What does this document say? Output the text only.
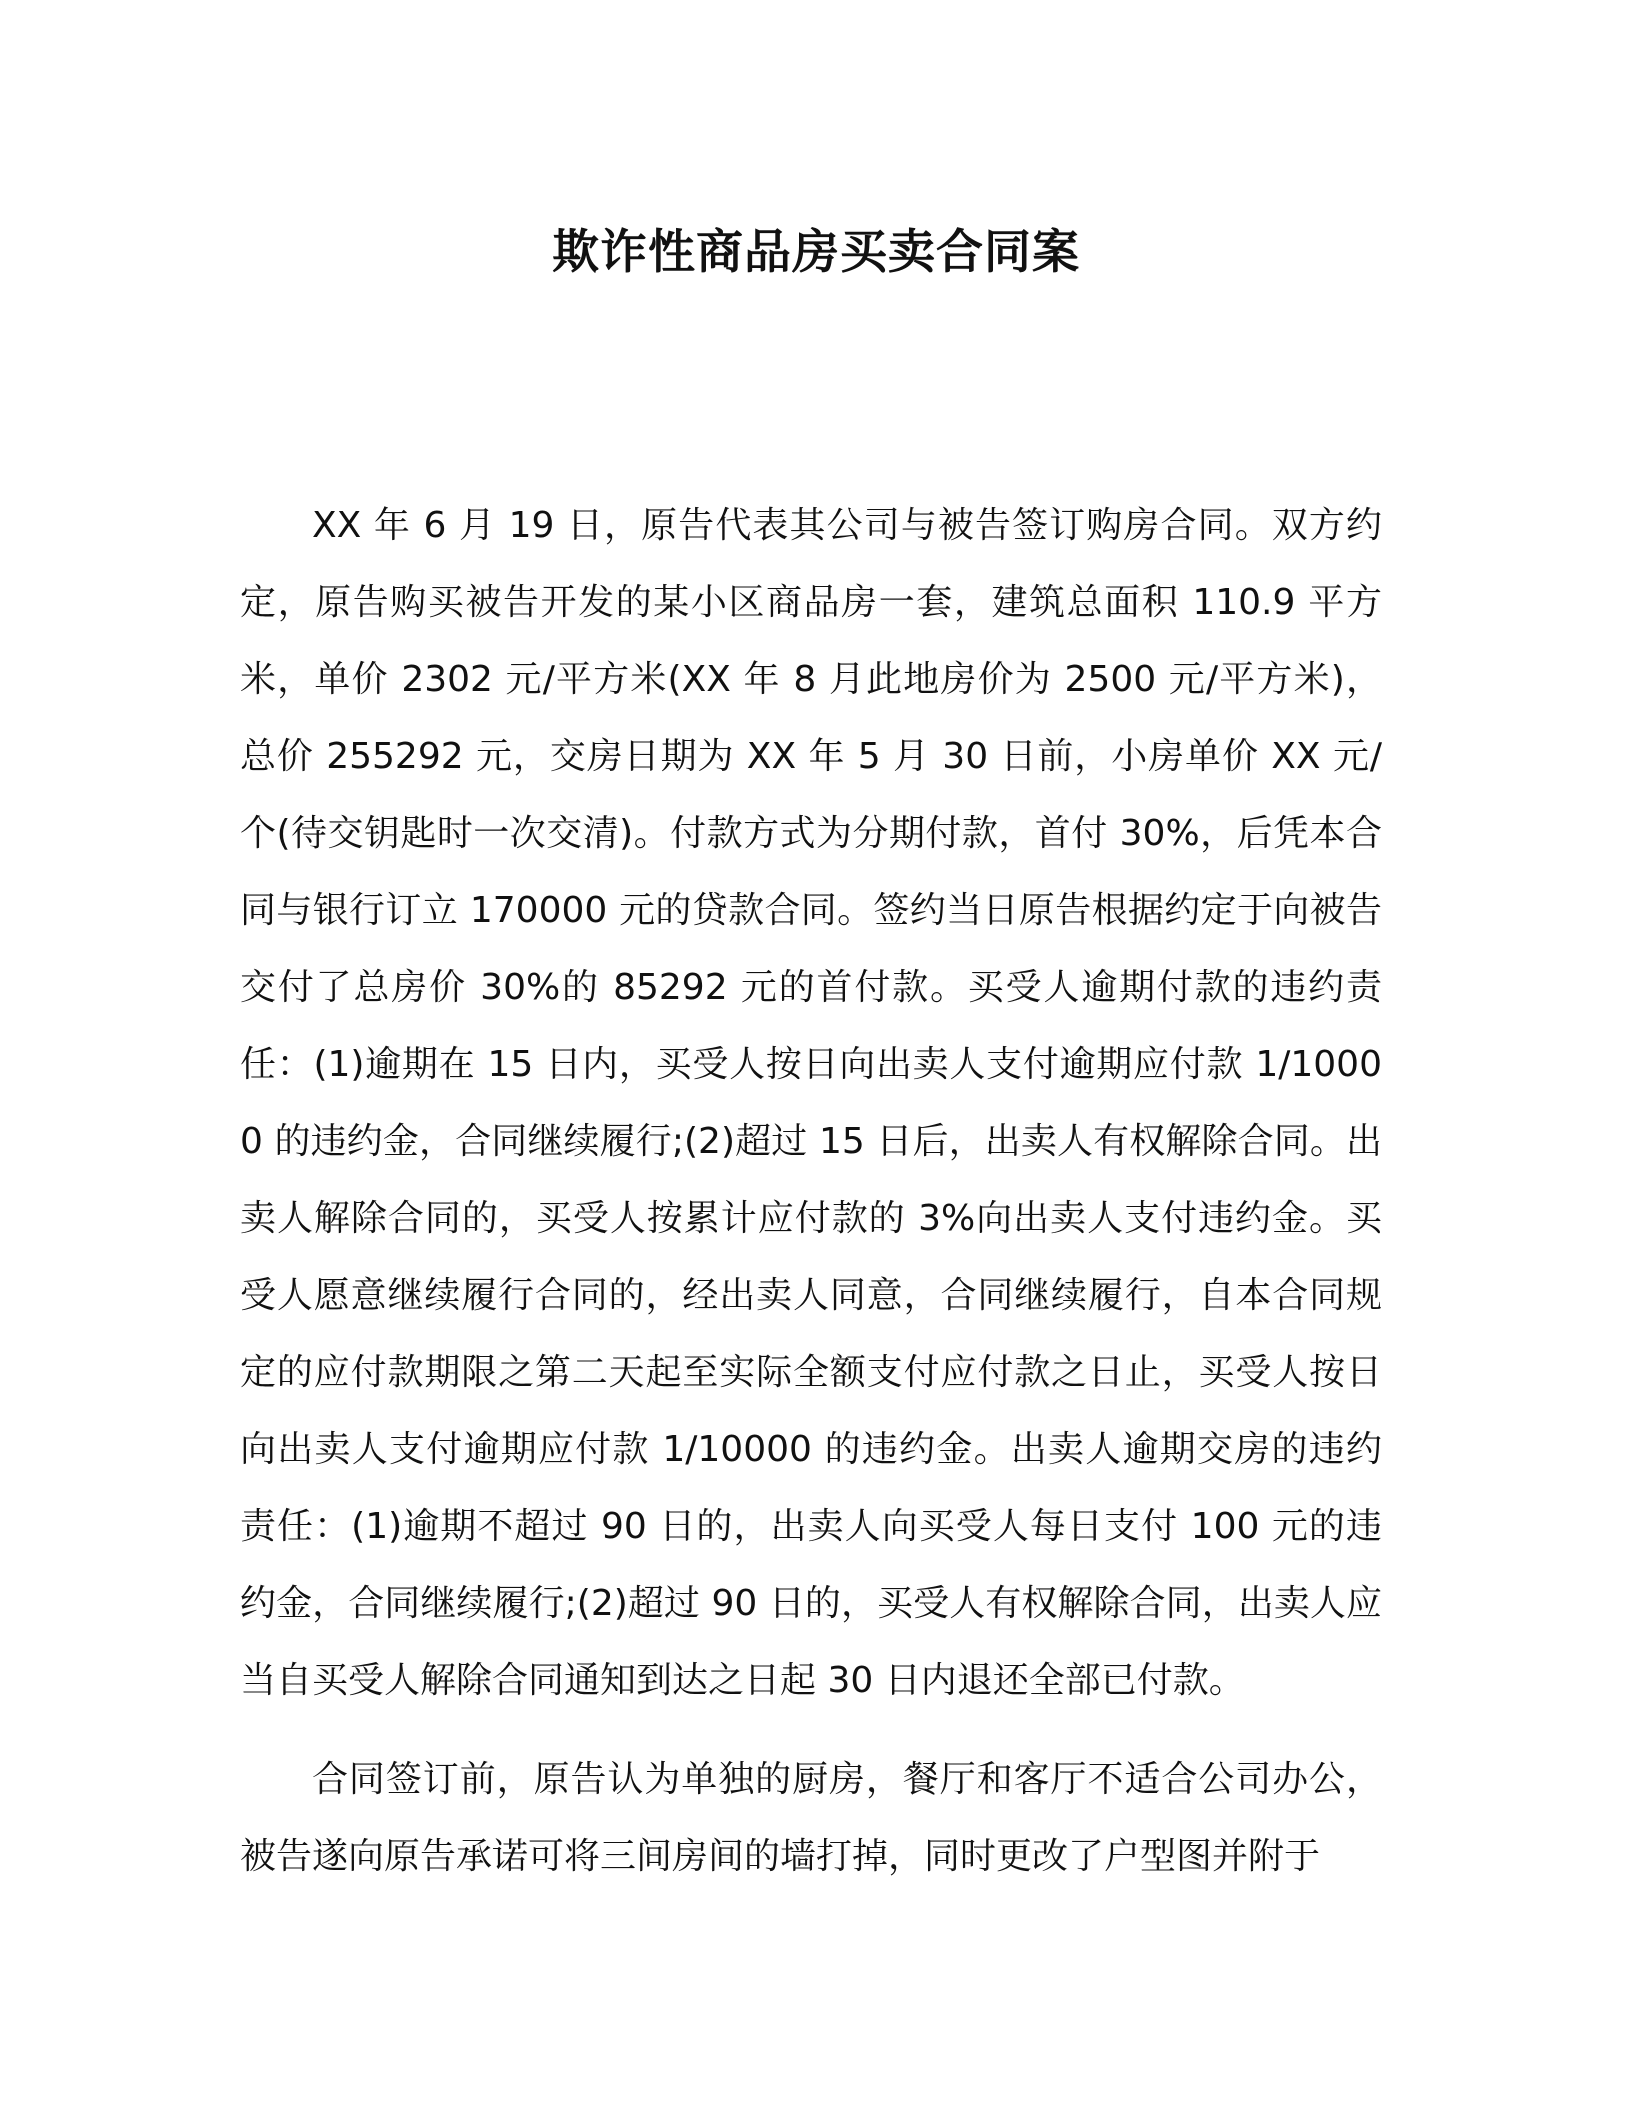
欺诈性商品房买卖合同案

XX 年 6 月 19 日，原告代表其公司与被告签订购房合同。双方约定，原告购买被告开发的某小区商品房一套，建筑总面积 110.9 平方米，单价 2302 元/平方米(XX 年 8 月此地房价为 2500 元/平方米)，总价 255292 元，交房日期为 XX 年 5 月 30 日前，小房单价 XX 元/个(待交钥匙时一次交清)。付款方式为分期付款，首付 30%，后凭本合同与银行订立 170000 元的贷款合同。签约当日原告根据约定于向被告交付了总房价 30%的 85292 元的首付款。买受人逾期付款的违约责任：(1)逾期在 15 日内，买受人按日向出卖人支付逾期应付款 1/10000 的违约金，合同继续履行;(2)超过 15 日后，出卖人有权解除合同。出卖人解除合同的，买受人按累计应付款的 3%向出卖人支付违约金。买受人愿意继续履行合同的，经出卖人同意，合同继续履行，自本合同规定的应付款期限之第二天起至实际全额支付应付款之日止，买受人按日向出卖人支付逾期应付款 1/10000 的违约金。出卖人逾期交房的违约责任：(1)逾期不超过 90 日的，出卖人向买受人每日支付 100 元的违约金，合同继续履行;(2)超过 90 日的，买受人有权解除合同，出卖人应当自买受人解除合同通知到达之日起 30 日内退还全部已付款。

合同签订前，原告认为单独的厨房，餐厅和客厅不适合公司办公，被告遂向原告承诺可将三间房间的墙打掉，同时更改了户型图并附于
